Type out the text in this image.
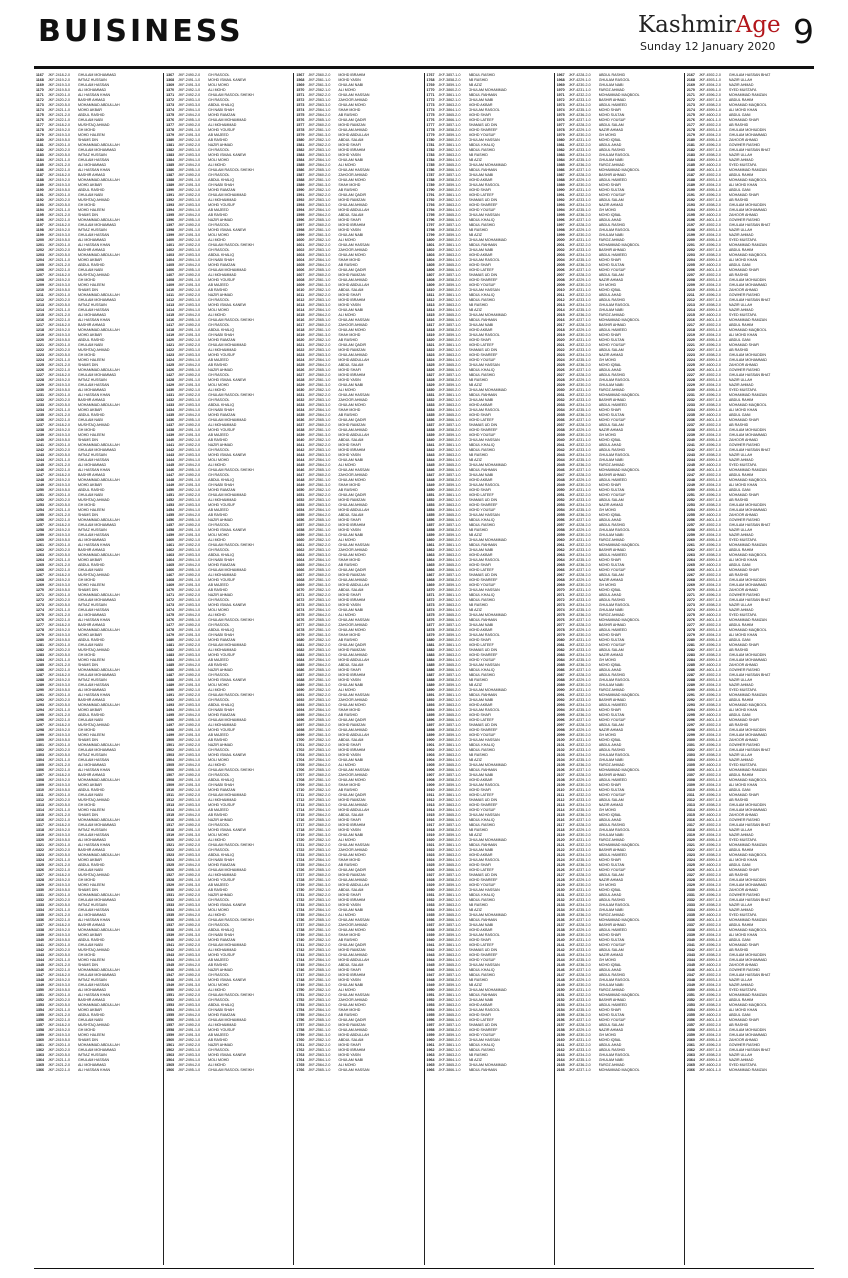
BUISINESS	KashmirAge
Sunday 12 January 2020 9
1167
1168
1169
1170
1171
1172
1173
1174
1175
1176
1177
1178
1179
1180
1181
1182
1183
1184
1185
1186
1187
1188
1189
1190
1191
1192
1193
1194
1195
1196
1197
1198
1199
1200
1201
1202
1203
1204
1205
1206
1207
1208
1209
1210
1211
1212
1213
1214
1215
1216
1217
1218
1219
1220
1221
1222
1223
1224
1225
1226
1227
1228
1229
1230
1231
1232
1233
1234
1235
1236
1237
1238
1239
1240
1241
1242
1243
1244
1245
1246
1247
1248
1249
1250
1251
1252
1253
1254
1255
1256
1257
1258
1259
1260
1261
1262
1263
1264
1265
1266
1267
1268
1269
1270
1271
1272
1273
1274
1275
1276
1277
1278
1279
1280
1281
1282
1283
1284
1285
1286
1287
1288
1289
1290
1291
1292
1293
1294
1295
1296
1297
1298
1299
1300
1301
1302
1303
1304
1305
1306
1307
1308
1309
1310
1311
1312
1313
1314
1315
1316
1317
1318
1319
1320
1321
1322
1323
1324
1325
1326
1327
1328
1329
1330
1331
1332
1333
1334
1335
1336
1337
1338
1339
1340
1341
1342
1343
1344
1345
1346
1347
1348
1349
1350
1351
1352
1353
1354
1355
1356
1357
1358
1359
1360
1361
1362
1363
1364
1365
1366
JKF-2418-2-0
JKF-2419-2-0
JKF-2419-3-0
JKF-2419-5-0
JKF-2420-1-0
JKF-2420-2-0
JKF-2420-5-0
JKF-2421-1-0
JKF-2421-2-0
JKF-2422-1-0
JKF-2418-2-0
JKF-2419-2-0
JKF-2419-3-0
JKF-2419-5-0
JKF-2420-1-0
JKF-2420-2-0
JKF-2420-5-0
JKF-2421-1-0
JKF-2421-2-0
JKF-2422-1-0
JKF-2418-2-0
JKF-2419-2-0
JKF-2419-3-0
JKF-2419-5-0
JKF-2420-1-0
JKF-2420-2-0
JKF-2420-5-0
JKF-2421-1-0
JKF-2421-2-0
JKF-2422-1-0
JKF-2418-2-0
JKF-2419-2-0
JKF-2419-3-0
JKF-2419-5-0
JKF-2420-1-0
JKF-2420-2-0
JKF-2420-5-0
JKF-2421-1-0
JKF-2421-2-0
JKF-2422-1-0
JKF-2418-2-0
JKF-2419-2-0
JKF-2419-3-0
JKF-2419-5-0
JKF-2420-1-0
JKF-2420-2-0
JKF-2420-5-0
JKF-2421-1-0
JKF-2421-2-0
JKF-2422-1-0
JKF-2418-2-0
JKF-2419-2-0
JKF-2419-3-0
JKF-2419-5-0
JKF-2420-1-0
JKF-2420-2-0
JKF-2420-5-0
JKF-2421-1-0
JKF-2421-2-0
JKF-2422-1-0
JKF-2418-2-0
JKF-2419-2-0
JKF-2419-3-0
JKF-2419-5-0
JKF-2420-1-0
JKF-2420-2-0
JKF-2420-5-0
JKF-2421-1-0
JKF-2421-2-0
JKF-2422-1-0
JKF-2418-2-0
JKF-2419-2-0
JKF-2419-3-0
JKF-2419-5-0
JKF-2420-1-0
JKF-2420-2-0
JKF-2420-5-0
JKF-2421-1-0
JKF-2421-2-0
JKF-2422-1-0
JKF-2418-2-0
JKF-2419-2-0
JKF-2419-3-0
JKF-2419-5-0
JKF-2420-1-0
JKF-2420-2-0
JKF-2420-5-0
JKF-2421-1-0
JKF-2421-2-0
JKF-2422-1-0
JKF-2418-2-0
JKF-2419-2-0
JKF-2419-3-0
JKF-2419-5-0
JKF-2420-1-0
JKF-2420-2-0
JKF-2420-5-0
JKF-2421-1-0
JKF-2421-2-0
JKF-2422-1-0
JKF-2418-2-0
JKF-2419-2-0
JKF-2419-3-0
JKF-2419-5-0
JKF-2420-1-0
JKF-2420-2-0
JKF-2420-5-0
JKF-2421-1-0
JKF-2421-2-0
JKF-2422-1-0
JKF-2418-2-0
JKF-2419-2-0
JKF-2419-3-0
JKF-2419-5-0
JKF-2420-1-0
JKF-2420-2-0
JKF-2420-5-0
JKF-2421-1-0
JKF-2421-2-0
JKF-2422-1-0
JKF-2418-2-0
JKF-2419-2-0
JKF-2419-3-0
JKF-2419-5-0
JKF-2420-1-0
JKF-2420-2-0
JKF-2420-5-0
JKF-2421-1-0
JKF-2421-2-0
JKF-2422-1-0
JKF-2418-2-0
JKF-2419-2-0
JKF-2419-3-0
JKF-2419-5-0
JKF-2420-1-0
JKF-2420-2-0
JKF-2420-5-0
JKF-2421-1-0
JKF-2421-2-0
JKF-2422-1-0
JKF-2418-2-0
JKF-2419-2-0
JKF-2419-3-0
JKF-2419-5-0
JKF-2420-1-0
JKF-2420-2-0
JKF-2420-5-0
JKF-2421-1-0
JKF-2421-2-0
JKF-2422-1-0
JKF-2418-2-0
JKF-2419-2-0
JKF-2419-3-0
JKF-2419-5-0
JKF-2420-1-0
JKF-2420-2-0
JKF-2420-5-0
JKF-2421-1-0
JKF-2421-2-0
JKF-2422-1-0
JKF-2418-2-0
JKF-2419-2-0
JKF-2419-3-0
JKF-2419-5-0
JKF-2420-1-0
JKF-2420-2-0
JKF-2420-5-0
JKF-2421-1-0
JKF-2421-2-0
JKF-2422-1-0
JKF-2418-2-0
JKF-2419-2-0
JKF-2419-3-0
JKF-2419-5-0
JKF-2420-1-0
JKF-2420-2-0
JKF-2420-5-0
JKF-2421-1-0
JKF-2421-2-0
JKF-2422-1-0
JKF-2418-2-0
JKF-2419-2-0
JKF-2419-3-0
JKF-2419-5-0
JKF-2420-1-0
JKF-2420-2-0
JKF-2420-5-0
JKF-2421-1-0
JKF-2421-2-0
JKF-2422-1-0
JKF-2418-2-0
JKF-2419-2-0
JKF-2419-3-0
JKF-2419-5-0
JKF-2420-1-0
JKF-2420-2-0
JKF-2420-5-0
JKF-2421-1-0
JKF-2421-2-0
JKF-2422-1-0
GHULAM MOHAMMAD
IMTIAZ HUSSAIN
GHULAM HASSAN
ALI MOHAMMAD
ALI HASSAN KHAN
BASHIR AHMAD
MOHAMMAD ABDULLAH
MOHD AKBAR
ABDUL RASHID
GHULAM NABI
MUSHTAQ AHMAD
GH MOHD
MOHD HALEEM
SHAMS DIN
MOHAMMAD ABDULLAH
GHULAM MOHAMMAD
IMTIAZ HUSSAIN
GHULAM HASSAN
ALI MOHAMMAD
ALI HASSAN KHAN
BASHIR AHMAD
MOHAMMAD ABDULLAH
MOHD AKBAR
ABDUL RASHID
GHULAM NABI
MUSHTAQ AHMAD
GH MOHD
MOHD HALEEM
SHAMS DIN
MOHAMMAD ABDULLAH
GHULAM MOHAMMAD
IMTIAZ HUSSAIN
GHULAM HASSAN
ALI MOHAMMAD
ALI HASSAN KHAN
BASHIR AHMAD
MOHAMMAD ABDULLAH
MOHD AKBAR
ABDUL RASHID
GHULAM NABI
MUSHTAQ AHMAD
GH MOHD
MOHD HALEEM
SHAMS DIN
MOHAMMAD ABDULLAH
GHULAM MOHAMMAD
IMTIAZ HUSSAIN
GHULAM HASSAN
ALI MOHAMMAD
ALI HASSAN KHAN
BASHIR AHMAD
MOHAMMAD ABDULLAH
MOHD AKBAR
ABDUL RASHID
GHULAM NABI
MUSHTAQ AHMAD
GH MOHD
MOHD HALEEM
SHAMS DIN
MOHAMMAD ABDULLAH
GHULAM MOHAMMAD
IMTIAZ HUSSAIN
GHULAM HASSAN
ALI MOHAMMAD
ALI HASSAN KHAN
BASHIR AHMAD
MOHAMMAD ABDULLAH
MOHD AKBAR
ABDUL RASHID
GHULAM NABI
MUSHTAQ AHMAD
GH MOHD
MOHD HALEEM
SHAMS DIN
MOHAMMAD ABDULLAH
GHULAM MOHAMMAD
IMTIAZ HUSSAIN
GHULAM HASSAN
ALI MOHAMMAD
ALI HASSAN KHAN
BASHIR AHMAD
MOHAMMAD ABDULLAH
MOHD AKBAR
ABDUL RASHID
GHULAM NABI
MUSHTAQ AHMAD
GH MOHD
MOHD HALEEM
SHAMS DIN
MOHAMMAD ABDULLAH
GHULAM MOHAMMAD
IMTIAZ HUSSAIN
GHULAM HASSAN
ALI MOHAMMAD
ALI HASSAN KHAN
BASHIR AHMAD
MOHAMMAD ABDULLAH
MOHD AKBAR
ABDUL RASHID
GHULAM NABI
MUSHTAQ AHMAD
GH MOHD
MOHD HALEEM
SHAMS DIN
MOHAMMAD ABDULLAH
GHULAM MOHAMMAD
IMTIAZ HUSSAIN
GHULAM HASSAN
ALI MOHAMMAD
ALI HASSAN KHAN
BASHIR AHMAD
MOHAMMAD ABDULLAH
MOHD AKBAR
ABDUL RASHID
GHULAM NABI
MUSHTAQ AHMAD
GH MOHD
MOHD HALEEM
SHAMS DIN
MOHAMMAD ABDULLAH
GHULAM MOHAMMAD
IMTIAZ HUSSAIN
GHULAM HASSAN
ALI MOHAMMAD
ALI HASSAN KHAN
BASHIR AHMAD
MOHAMMAD ABDULLAH
MOHD AKBAR
ABDUL RASHID
GHULAM NABI
MUSHTAQ AHMAD
GH MOHD
MOHD HALEEM
SHAMS DIN
MOHAMMAD ABDULLAH
GHULAM MOHAMMAD
IMTIAZ HUSSAIN
GHULAM HASSAN
ALI MOHAMMAD
ALI HASSAN KHAN
BASHIR AHMAD
MOHAMMAD ABDULLAH
MOHD AKBAR
ABDUL RASHID
GHULAM NABI
MUSHTAQ AHMAD
GH MOHD
MOHD HALEEM
SHAMS DIN
MOHAMMAD ABDULLAH
GHULAM MOHAMMAD
IMTIAZ HUSSAIN
GHULAM HASSAN
ALI MOHAMMAD
ALI HASSAN KHAN
BASHIR AHMAD
MOHAMMAD ABDULLAH
MOHD AKBAR
ABDUL RASHID
GHULAM NABI
MUSHTAQ AHMAD
GH MOHD
MOHD HALEEM
SHAMS DIN
MOHAMMAD ABDULLAH
GHULAM MOHAMMAD
IMTIAZ HUSSAIN
GHULAM HASSAN
ALI MOHAMMAD
ALI HASSAN KHAN
BASHIR AHMAD
MOHAMMAD ABDULLAH
MOHD AKBAR
ABDUL RASHID
GHULAM NABI
MUSHTAQ AHMAD
GH MOHD
MOHD HALEEM
SHAMS DIN
MOHAMMAD ABDULLAH
GHULAM MOHAMMAD
IMTIAZ HUSSAIN
GHULAM HASSAN
ALI MOHAMMAD
ALI HASSAN KHAN
BASHIR AHMAD
MOHAMMAD ABDULLAH
MOHD AKBAR
ABDUL RASHID
GHULAM NABI
MUSHTAQ AHMAD
GH MOHD
MOHD HALEEM
SHAMS DIN
MOHAMMAD ABDULLAH
GHULAM MOHAMMAD
IMTIAZ HUSSAIN
GHULAM HASSAN
ALI MOHAMMAD
ALI HASSAN KHAN
1367
1368
1369
1370
1371
1372
1373
1374
1375
1376
1377
1378
1379
1380
1381
1382
1383
1384
1385
1386
1387
1388
1389
1390
1391
1392
1393
1394
1395
1396
1397
1398
1399
1400
1401
1402
1403
1404
1405
1406
1407
1408
1409
1410
1411
1412
1413
1414
1415
1416
1417
1418
1419
1420
1421
1422
1423
1424
1425
1426
1427
1428
1429
1430
1431
1432
1433
1434
1435
1436
1437
1438
1439
1440
1441
1442
1443
1444
1445
1446
1447
1448
1449
1450
1451
1452
1453
1454
1455
1456
1457
1458
1459
1460
1461
1462
1463
1464
1465
1466
1467
1468
1469
1470
1471
1472
1473
1474
1475
1476
1477
1478
1479
1480
1481
1482
1483
1484
1485
1486
1487
1488
1489
1490
1491
1492
1493
1494
1495
1496
1497
1498
1499
1500
1501
1502
1503
1504
1505
1506
1507
1508
1509
1510
1511
1512
1513
1514
1515
1516
1517
1518
1519
1520
1521
1522
1523
1524
1525
1526
1527
1528
1529
1530
1531
1532
1533
1534
1535
1536
1537
1538
1539
1540
1541
1542
1543
1544
1545
1546
1547
1548
1549
1550
1551
1552
1553
1554
1555
1556
1557
1558
1559
1560
1561
1562
1563
1564
1565
1566
JKF-2490-2-0
JKF-2491-1-0
JKF-2491-3-0
JKF-2492-1-0
JKF-2492-2-0
JKF-2493-1-0
JKF-2493-3-0
JKF-2494-1-0
JKF-2494-2-0
JKF-2495-1-0
JKF-2490-2-0
JKF-2491-1-0
JKF-2491-3-0
JKF-2492-1-0
JKF-2492-2-0
JKF-2493-1-0
JKF-2493-3-0
JKF-2494-1-0
JKF-2494-2-0
JKF-2495-1-0
JKF-2490-2-0
JKF-2491-1-0
JKF-2491-3-0
JKF-2492-1-0
JKF-2492-2-0
JKF-2493-1-0
JKF-2493-3-0
JKF-2494-1-0
JKF-2494-2-0
JKF-2495-1-0
JKF-2490-2-0
JKF-2491-1-0
JKF-2491-3-0
JKF-2492-1-0
JKF-2492-2-0
JKF-2493-1-0
JKF-2493-3-0
JKF-2494-1-0
JKF-2494-2-0
JKF-2495-1-0
JKF-2490-2-0
JKF-2491-1-0
JKF-2491-3-0
JKF-2492-1-0
JKF-2492-2-0
JKF-2493-1-0
JKF-2493-3-0
JKF-2494-1-0
JKF-2494-2-0
JKF-2495-1-0
JKF-2490-2-0
JKF-2491-1-0
JKF-2491-3-0
JKF-2492-1-0
JKF-2492-2-0
JKF-2493-1-0
JKF-2493-3-0
JKF-2494-1-0
JKF-2494-2-0
JKF-2495-1-0
JKF-2490-2-0
JKF-2491-1-0
JKF-2491-3-0
JKF-2492-1-0
JKF-2492-2-0
JKF-2493-1-0
JKF-2493-3-0
JKF-2494-1-0
JKF-2494-2-0
JKF-2495-1-0
JKF-2490-2-0
JKF-2491-1-0
JKF-2491-3-0
JKF-2492-1-0
JKF-2492-2-0
JKF-2493-1-0
JKF-2493-3-0
JKF-2494-1-0
JKF-2494-2-0
JKF-2495-1-0
JKF-2490-2-0
JKF-2491-1-0
JKF-2491-3-0
JKF-2492-1-0
JKF-2492-2-0
JKF-2493-1-0
JKF-2493-3-0
JKF-2494-1-0
JKF-2494-2-0
JKF-2495-1-0
JKF-2490-2-0
JKF-2491-1-0
JKF-2491-3-0
JKF-2492-1-0
JKF-2492-2-0
JKF-2493-1-0
JKF-2493-3-0
JKF-2494-1-0
JKF-2494-2-0
JKF-2495-1-0
JKF-2490-2-0
JKF-2491-1-0
JKF-2491-3-0
JKF-2492-1-0
JKF-2492-2-0
JKF-2493-1-0
JKF-2493-3-0
JKF-2494-1-0
JKF-2494-2-0
JKF-2495-1-0
JKF-2490-2-0
JKF-2491-1-0
JKF-2491-3-0
JKF-2492-1-0
JKF-2492-2-0
JKF-2493-1-0
JKF-2493-3-0
JKF-2494-1-0
JKF-2494-2-0
JKF-2495-1-0
JKF-2490-2-0
JKF-2491-1-0
JKF-2491-3-0
JKF-2492-1-0
JKF-2492-2-0
JKF-2493-1-0
JKF-2493-3-0
JKF-2494-1-0
JKF-2494-2-0
JKF-2495-1-0
JKF-2490-2-0
JKF-2491-1-0
JKF-2491-3-0
JKF-2492-1-0
JKF-2492-2-0
JKF-2493-1-0
JKF-2493-3-0
JKF-2494-1-0
JKF-2494-2-0
JKF-2495-1-0
JKF-2490-2-0
JKF-2491-1-0
JKF-2491-3-0
JKF-2492-1-0
JKF-2492-2-0
JKF-2493-1-0
JKF-2493-3-0
JKF-2494-1-0
JKF-2494-2-0
JKF-2495-1-0
JKF-2490-2-0
JKF-2491-1-0
JKF-2491-3-0
JKF-2492-1-0
JKF-2492-2-0
JKF-2493-1-0
JKF-2493-3-0
JKF-2494-1-0
JKF-2494-2-0
JKF-2495-1-0
JKF-2490-2-0
JKF-2491-1-0
JKF-2491-3-0
JKF-2492-1-0
JKF-2492-2-0
JKF-2493-1-0
JKF-2493-3-0
JKF-2494-1-0
JKF-2494-2-0
JKF-2495-1-0
JKF-2490-2-0
JKF-2491-1-0
JKF-2491-3-0
JKF-2492-1-0
JKF-2492-2-0
JKF-2493-1-0
JKF-2493-3-0
JKF-2494-1-0
JKF-2494-2-0
JKF-2495-1-0
JKF-2490-2-0
JKF-2491-1-0
JKF-2491-3-0
JKF-2492-1-0
JKF-2492-2-0
JKF-2493-1-0
JKF-2493-3-0
JKF-2494-1-0
JKF-2494-2-0
JKF-2495-1-0
JKF-2490-2-0
JKF-2491-1-0
JKF-2491-3-0
JKF-2492-1-0
JKF-2492-2-0
JKF-2493-1-0
JKF-2493-3-0
JKF-2494-1-0
JKF-2494-2-0
JKF-2495-1-0
GH RASOOL
MOHD ISMAIL KANEW
MOLI MOHD
ALI MOHD
GHULAM RASOOL SHEIKH
GH RASOOL
ABDUL KHALIQ
GH NABI SHAH
MOHD RAMZAN
GHULAM MOHAMMAD
ALI MOHAMMAD
MOHD YOUSUF
AB MAJEED
AB RASHID
NAZIR AHMAD
GH RASOOL
MOHD ISMAIL KANEW
MOLI MOHD
ALI MOHD
GHULAM RASOOL SHEIKH
GH RASOOL
ABDUL KHALIQ
GH NABI SHAH
MOHD RAMZAN
GHULAM MOHAMMAD
ALI MOHAMMAD
MOHD YOUSUF
AB MAJEED
AB RASHID
NAZIR AHMAD
GH RASOOL
MOHD ISMAIL KANEW
MOLI MOHD
ALI MOHD
GHULAM RASOOL SHEIKH
GH RASOOL
ABDUL KHALIQ
GH NABI SHAH
MOHD RAMZAN
GHULAM MOHAMMAD
ALI MOHAMMAD
MOHD YOUSUF
AB MAJEED
AB RASHID
NAZIR AHMAD
GH RASOOL
MOHD ISMAIL KANEW
MOLI MOHD
ALI MOHD
GHULAM RASOOL SHEIKH
GH RASOOL
ABDUL KHALIQ
GH NABI SHAH
MOHD RAMZAN
GHULAM MOHAMMAD
ALI MOHAMMAD
MOHD YOUSUF
AB MAJEED
AB RASHID
NAZIR AHMAD
GH RASOOL
MOHD ISMAIL KANEW
MOLI MOHD
ALI MOHD
GHULAM RASOOL SHEIKH
GH RASOOL
ABDUL KHALIQ
GH NABI SHAH
MOHD RAMZAN
GHULAM MOHAMMAD
ALI MOHAMMAD
MOHD YOUSUF
AB MAJEED
AB RASHID
NAZIR AHMAD
GH RASOOL
MOHD ISMAIL KANEW
MOLI MOHD
ALI MOHD
GHULAM RASOOL SHEIKH
GH RASOOL
ABDUL KHALIQ
GH NABI SHAH
MOHD RAMZAN
GHULAM MOHAMMAD
ALI MOHAMMAD
MOHD YOUSUF
AB MAJEED
AB RASHID
NAZIR AHMAD
GH RASOOL
MOHD ISMAIL KANEW
MOLI MOHD
ALI MOHD
GHULAM RASOOL SHEIKH
GH RASOOL
ABDUL KHALIQ
GH NABI SHAH
MOHD RAMZAN
GHULAM MOHAMMAD
ALI MOHAMMAD
MOHD YOUSUF
AB MAJEED
AB RASHID
NAZIR AHMAD
GH RASOOL
MOHD ISMAIL KANEW
MOLI MOHD
ALI MOHD
GHULAM RASOOL SHEIKH
GH RASOOL
ABDUL KHALIQ
GH NABI SHAH
MOHD RAMZAN
GHULAM MOHAMMAD
ALI MOHAMMAD
MOHD YOUSUF
AB MAJEED
AB RASHID
NAZIR AHMAD
GH RASOOL
MOHD ISMAIL KANEW
MOLI MOHD
ALI MOHD
GHULAM RASOOL SHEIKH
GH RASOOL
ABDUL KHALIQ
GH NABI SHAH
MOHD RAMZAN
GHULAM MOHAMMAD
ALI MOHAMMAD
MOHD YOUSUF
AB MAJEED
AB RASHID
NAZIR AHMAD
GH RASOOL
MOHD ISMAIL KANEW
MOLI MOHD
ALI MOHD
GHULAM RASOOL SHEIKH
GH RASOOL
ABDUL KHALIQ
GH NABI SHAH
MOHD RAMZAN
GHULAM MOHAMMAD
ALI MOHAMMAD
MOHD YOUSUF
AB MAJEED
AB RASHID
NAZIR AHMAD
GH RASOOL
MOHD ISMAIL KANEW
MOLI MOHD
ALI MOHD
GHULAM RASOOL SHEIKH
GH RASOOL
ABDUL KHALIQ
GH NABI SHAH
MOHD RAMZAN
GHULAM MOHAMMAD
ALI MOHAMMAD
MOHD YOUSUF
AB MAJEED
AB RASHID
NAZIR AHMAD
GH RASOOL
MOHD ISMAIL KANEW
MOLI MOHD
ALI MOHD
GHULAM RASOOL SHEIKH
GH RASOOL
ABDUL KHALIQ
GH NABI SHAH
MOHD RAMZAN
GHULAM MOHAMMAD
ALI MOHAMMAD
MOHD YOUSUF
AB MAJEED
AB RASHID
NAZIR AHMAD
GH RASOOL
MOHD ISMAIL KANEW
MOLI MOHD
ALI MOHD
GHULAM RASOOL SHEIKH
GH RASOOL
ABDUL KHALIQ
GH NABI SHAH
MOHD RAMZAN
GHULAM MOHAMMAD
ALI MOHAMMAD
MOHD YOUSUF
AB MAJEED
AB RASHID
NAZIR AHMAD
GH RASOOL
MOHD ISMAIL KANEW
MOLI MOHD
ALI MOHD
GHULAM RASOOL SHEIKH
1567
1568
1569
1570
1571
1572
1573
1574
1575
1576
1577
1578
1579
1580
1581
1582
1583
1584
1585
1586
1587
1588
1589
1590
1591
1592
1593
1594
1595
1596
1597
1598
1599
1600
1601
1602
1603
1604
1605
1606
1607
1608
1609
1610
1611
1612
1613
1614
1615
1616
1617
1618
1619
1620
1621
1622
1623
1624
1625
1626
1627
1628
1629
1630
1631
1632
1633
1634
1635
1636
1637
1638
1639
1640
1641
1642
1643
1644
1645
1646
1647
1648
1649
1650
1651
1652
1653
1654
1655
1656
1657
1658
1659
1660
1661
1662
1663
1664
1665
1666
1667
1668
1669
1670
1671
1672
1673
1674
1675
1676
1677
1678
1679
1680
1681
1682
1683
1684
1685
1686
1687
1688
1689
1690
1691
1692
1693
1694
1695
1696
1697
1698
1699
1700
1701
1702
1703
1704
1705
1706
1707
1708
1709
1710
1711
1712
1713
1714
1715
1716
1717
1718
1719
1720
1721
1722
1723
1724
1725
1726
1727
1728
1729
1730
1731
1732
1733
1734
1735
1736
1737
1738
1739
1740
1741
1742
1743
1744
1745
1746
1747
1748
1749
1750
1751
1752
1753
1754
1755
1756
1757
1758
1759
1760
1761
1762
1763
1764
1765
1766
JKF-2560-2-0
JKF-2561-1-0
JKF-2561-3-0
JKF-2562-1-0
JKF-2562-2-0
JKF-2563-1-0
JKF-2563-3-0
JKF-2564-1-0
JKF-2564-2-0
JKF-2565-1-0
JKF-2560-2-0
JKF-2561-1-0
JKF-2561-3-0
JKF-2562-1-0
JKF-2562-2-0
JKF-2563-1-0
JKF-2563-3-0
JKF-2564-1-0
JKF-2564-2-0
JKF-2565-1-0
JKF-2560-2-0
JKF-2561-1-0
JKF-2561-3-0
JKF-2562-1-0
JKF-2562-2-0
JKF-2563-1-0
JKF-2563-3-0
JKF-2564-1-0
JKF-2564-2-0
JKF-2565-1-0
JKF-2560-2-0
JKF-2561-1-0
JKF-2561-3-0
JKF-2562-1-0
JKF-2562-2-0
JKF-2563-1-0
JKF-2563-3-0
JKF-2564-1-0
JKF-2564-2-0
JKF-2565-1-0
JKF-2560-2-0
JKF-2561-1-0
JKF-2561-3-0
JKF-2562-1-0
JKF-2562-2-0
JKF-2563-1-0
JKF-2563-3-0
JKF-2564-1-0
JKF-2564-2-0
JKF-2565-1-0
JKF-2560-2-0
JKF-2561-1-0
JKF-2561-3-0
JKF-2562-1-0
JKF-2562-2-0
JKF-2563-1-0
JKF-2563-3-0
JKF-2564-1-0
JKF-2564-2-0
JKF-2565-1-0
JKF-2560-2-0
JKF-2561-1-0
JKF-2561-3-0
JKF-2562-1-0
JKF-2562-2-0
JKF-2563-1-0
JKF-2563-3-0
JKF-2564-1-0
JKF-2564-2-0
JKF-2565-1-0
JKF-2560-2-0
JKF-2561-1-0
JKF-2561-3-0
JKF-2562-1-0
JKF-2562-2-0
JKF-2563-1-0
JKF-2563-3-0
JKF-2564-1-0
JKF-2564-2-0
JKF-2565-1-0
JKF-2560-2-0
JKF-2561-1-0
JKF-2561-3-0
JKF-2562-1-0
JKF-2562-2-0
JKF-2563-1-0
JKF-2563-3-0
JKF-2564-1-0
JKF-2564-2-0
JKF-2565-1-0
JKF-2560-2-0
JKF-2561-1-0
JKF-2561-3-0
JKF-2562-1-0
JKF-2562-2-0
JKF-2563-1-0
JKF-2563-3-0
JKF-2564-1-0
JKF-2564-2-0
JKF-2565-1-0
JKF-2560-2-0
JKF-2561-1-0
JKF-2561-3-0
JKF-2562-1-0
JKF-2562-2-0
JKF-2563-1-0
JKF-2563-3-0
JKF-2564-1-0
JKF-2564-2-0
JKF-2565-1-0
JKF-2560-2-0
JKF-2561-1-0
JKF-2561-3-0
JKF-2562-1-0
JKF-2562-2-0
JKF-2563-1-0
JKF-2563-3-0
JKF-2564-1-0
JKF-2564-2-0
JKF-2565-1-0
JKF-2560-2-0
JKF-2561-1-0
JKF-2561-3-0
JKF-2562-1-0
JKF-2562-2-0
JKF-2563-1-0
JKF-2563-3-0
JKF-2564-1-0
JKF-2564-2-0
JKF-2565-1-0
JKF-2560-2-0
JKF-2561-1-0
JKF-2561-3-0
JKF-2562-1-0
JKF-2562-2-0
JKF-2563-1-0
JKF-2563-3-0
JKF-2564-1-0
JKF-2564-2-0
JKF-2565-1-0
JKF-2560-2-0
JKF-2561-1-0
JKF-2561-3-0
JKF-2562-1-0
JKF-2562-2-0
JKF-2563-1-0
JKF-2563-3-0
JKF-2564-1-0
JKF-2564-2-0
JKF-2565-1-0
JKF-2560-2-0
JKF-2561-1-0
JKF-2561-3-0
JKF-2562-1-0
JKF-2562-2-0
JKF-2563-1-0
JKF-2563-3-0
JKF-2564-1-0
JKF-2564-2-0
JKF-2565-1-0
JKF-2560-2-0
JKF-2561-1-0
JKF-2561-3-0
JKF-2562-1-0
JKF-2562-2-0
JKF-2563-1-0
JKF-2563-3-0
JKF-2564-1-0
JKF-2564-2-0
JKF-2565-1-0
JKF-2560-2-0
JKF-2561-1-0
JKF-2561-3-0
JKF-2562-1-0
JKF-2562-2-0
JKF-2563-1-0
JKF-2563-3-0
JKF-2564-1-0
JKF-2564-2-0
JKF-2565-1-0
JKF-2560-2-0
JKF-2561-1-0
JKF-2561-3-0
JKF-2562-1-0
JKF-2562-2-0
JKF-2563-1-0
JKF-2563-3-0
JKF-2564-1-0
JKF-2564-2-0
JKF-2565-1-0
JKF-2560-2-0
JKF-2561-1-0
JKF-2561-3-0
JKF-2562-1-0
JKF-2562-2-0
JKF-2563-1-0
JKF-2563-3-0
JKF-2564-1-0
JKF-2564-2-0
JKF-2565-1-0
MOHD IBRAHIM
MOHD YASIN
GHULAM NABI
ALI MOHD
GHULAM HASSAN
ZAHOOR AHMAD
GHULAM MOHD
SHAH MOHD
AB RASHID
GHULAM QADIR
MOHD RAMZAN
GHULAM AHMAD
MOHD ABDULLAH
ABDUL SALAM
MOHD SHAFI
MOHD IBRAHIM
MOHD YASIN
GHULAM NABI
ALI MOHD
GHULAM HASSAN
ZAHOOR AHMAD
GHULAM MOHD
SHAH MOHD
AB RASHID
GHULAM QADIR
MOHD RAMZAN
GHULAM AHMAD
MOHD ABDULLAH
ABDUL SALAM
MOHD SHAFI
MOHD IBRAHIM
MOHD YASIN
GHULAM NABI
ALI MOHD
GHULAM HASSAN
ZAHOOR AHMAD
GHULAM MOHD
SHAH MOHD
AB RASHID
GHULAM QADIR
MOHD RAMZAN
GHULAM AHMAD
MOHD ABDULLAH
ABDUL SALAM
MOHD SHAFI
MOHD IBRAHIM
MOHD YASIN
GHULAM NABI
ALI MOHD
GHULAM HASSAN
ZAHOOR AHMAD
GHULAM MOHD
SHAH MOHD
AB RASHID
GHULAM QADIR
MOHD RAMZAN
GHULAM AHMAD
MOHD ABDULLAH
ABDUL SALAM
MOHD SHAFI
MOHD IBRAHIM
MOHD YASIN
GHULAM NABI
ALI MOHD
GHULAM HASSAN
ZAHOOR AHMAD
GHULAM MOHD
SHAH MOHD
AB RASHID
GHULAM QADIR
MOHD RAMZAN
GHULAM AHMAD
MOHD ABDULLAH
ABDUL SALAM
MOHD SHAFI
MOHD IBRAHIM
MOHD YASIN
GHULAM NABI
ALI MOHD
GHULAM HASSAN
ZAHOOR AHMAD
GHULAM MOHD
SHAH MOHD
AB RASHID
GHULAM QADIR
MOHD RAMZAN
GHULAM AHMAD
MOHD ABDULLAH
ABDUL SALAM
MOHD SHAFI
MOHD IBRAHIM
MOHD YASIN
GHULAM NABI
ALI MOHD
GHULAM HASSAN
ZAHOOR AHMAD
GHULAM MOHD
SHAH MOHD
AB RASHID
GHULAM QADIR
MOHD RAMZAN
GHULAM AHMAD
MOHD ABDULLAH
ABDUL SALAM
MOHD SHAFI
MOHD IBRAHIM
MOHD YASIN
GHULAM NABI
ALI MOHD
GHULAM HASSAN
ZAHOOR AHMAD
GHULAM MOHD
SHAH MOHD
AB RASHID
GHULAM QADIR
MOHD RAMZAN
GHULAM AHMAD
MOHD ABDULLAH
ABDUL SALAM
MOHD SHAFI
MOHD IBRAHIM
MOHD YASIN
GHULAM NABI
ALI MOHD
GHULAM HASSAN
ZAHOOR AHMAD
GHULAM MOHD
SHAH MOHD
AB RASHID
GHULAM QADIR
MOHD RAMZAN
GHULAM AHMAD
MOHD ABDULLAH
ABDUL SALAM
MOHD SHAFI
MOHD IBRAHIM
MOHD YASIN
GHULAM NABI
ALI MOHD
GHULAM HASSAN
ZAHOOR AHMAD
GHULAM MOHD
SHAH MOHD
AB RASHID
GHULAM QADIR
MOHD RAMZAN
GHULAM AHMAD
MOHD ABDULLAH
ABDUL SALAM
MOHD SHAFI
MOHD IBRAHIM
MOHD YASIN
GHULAM NABI
ALI MOHD
GHULAM HASSAN
ZAHOOR AHMAD
GHULAM MOHD
SHAH MOHD
AB RASHID
GHULAM QADIR
MOHD RAMZAN
GHULAM AHMAD
MOHD ABDULLAH
ABDUL SALAM
MOHD SHAFI
MOHD IBRAHIM
MOHD YASIN
GHULAM NABI
ALI MOHD
GHULAM HASSAN
ZAHOOR AHMAD
GHULAM MOHD
SHAH MOHD
AB RASHID
GHULAM QADIR
MOHD RAMZAN
GHULAM AHMAD
MOHD ABDULLAH
ABDUL SALAM
MOHD SHAFI
MOHD IBRAHIM
MOHD YASIN
GHULAM NABI
ALI MOHD
GHULAM HASSAN
ZAHOOR AHMAD
GHULAM MOHD
SHAH MOHD
AB RASHID
GHULAM QADIR
MOHD RAMZAN
GHULAM AHMAD
MOHD ABDULLAH
ABDUL SALAM
MOHD SHAFI
MOHD IBRAHIM
MOHD YASIN
GHULAM NABI
ALI MOHD
GHULAM HASSAN
1767
1768
1769
1770
1771
1772
1773
1774
1775
1776
1777
1778
1779
1780
1781
1782
1783
1784
1785
1786
1787
1788
1789
1790
1791
1792
1793
1794
1795
1796
1797
1798
1799
1800
1801
1802
1803
1804
1805
1806
1807
1808
1809
1810
1811
1812
1813
1814
1815
1816
1817
1818
1819
1820
1821
1822
1823
1824
1825
1826
1827
1828
1829
1830
1831
1832
1833
1834
1835
1836
1837
1838
1839
1840
1841
1842
1843
1844
1845
1846
1847
1848
1849
1850
1851
1852
1853
1854
1855
1856
1857
1858
1859
1860
1861
1862
1863
1864
1865
1866
1867
1868
1869
1870
1871
1872
1873
1874
1875
1876
1877
1878
1879
1880
1881
1882
1883
1884
1885
1886
1887
1888
1889
1890
1891
1892
1893
1894
1895
1896
1897
1898
1899
1900
1901
1902
1903
1904
1905
1906
1907
1908
1909
1910
1911
1912
1913
1914
1915
1916
1917
1918
1919
1920
1921
1922
1923
1924
1925
1926
1927
1928
1929
1930
1931
1932
1933
1934
1935
1936
1937
1938
1939
1940
1941
1942
1943
1944
1945
1946
1947
1948
1949
1950
1951
1952
1953
1954
1955
1956
1957
1958
1959
1960
1961
1962
1963
1964
1965
1966
JKF-3857-1-0
JKF-3858-2-0
JKF-3859-1-0
JKF-3860-2-0
JKF-3861-1-0
JKF-3862-1-0
JKF-3863-2-0
JKF-3864-1-0
JKF-3865-2-0
JKF-3866-1-0
JKF-3857-1-0
JKF-3858-2-0
JKF-3859-1-0
JKF-3860-2-0
JKF-3861-1-0
JKF-3862-1-0
JKF-3863-2-0
JKF-3864-1-0
JKF-3865-2-0
JKF-3866-1-0
JKF-3857-1-0
JKF-3858-2-0
JKF-3859-1-0
JKF-3860-2-0
JKF-3861-1-0
JKF-3862-1-0
JKF-3863-2-0
JKF-3864-1-0
JKF-3865-2-0
JKF-3866-1-0
JKF-3857-1-0
JKF-3858-2-0
JKF-3859-1-0
JKF-3860-2-0
JKF-3861-1-0
JKF-3862-1-0
JKF-3863-2-0
JKF-3864-1-0
JKF-3865-2-0
JKF-3866-1-0
JKF-3857-1-0
JKF-3858-2-0
JKF-3859-1-0
JKF-3860-2-0
JKF-3861-1-0
JKF-3862-1-0
JKF-3863-2-0
JKF-3864-1-0
JKF-3865-2-0
JKF-3866-1-0
JKF-3857-1-0
JKF-3858-2-0
JKF-3859-1-0
JKF-3860-2-0
JKF-3861-1-0
JKF-3862-1-0
JKF-3863-2-0
JKF-3864-1-0
JKF-3865-2-0
JKF-3866-1-0
JKF-3857-1-0
JKF-3858-2-0
JKF-3859-1-0
JKF-3860-2-0
JKF-3861-1-0
JKF-3862-1-0
JKF-3863-2-0
JKF-3864-1-0
JKF-3865-2-0
JKF-3866-1-0
JKF-3857-1-0
JKF-3858-2-0
JKF-3859-1-0
JKF-3860-2-0
JKF-3861-1-0
JKF-3862-1-0
JKF-3863-2-0
JKF-3864-1-0
JKF-3865-2-0
JKF-3866-1-0
JKF-3857-1-0
JKF-3858-2-0
JKF-3859-1-0
JKF-3860-2-0
JKF-3861-1-0
JKF-3862-1-0
JKF-3863-2-0
JKF-3864-1-0
JKF-3865-2-0
JKF-3866-1-0
JKF-3857-1-0
JKF-3858-2-0
JKF-3859-1-0
JKF-3860-2-0
JKF-3861-1-0
JKF-3862-1-0
JKF-3863-2-0
JKF-3864-1-0
JKF-3865-2-0
JKF-3866-1-0
JKF-3857-1-0
JKF-3858-2-0
JKF-3859-1-0
JKF-3860-2-0
JKF-3861-1-0
JKF-3862-1-0
JKF-3863-2-0
JKF-3864-1-0
JKF-3865-2-0
JKF-3866-1-0
JKF-3857-1-0
JKF-3858-2-0
JKF-3859-1-0
JKF-3860-2-0
JKF-3861-1-0
JKF-3862-1-0
JKF-3863-2-0
JKF-3864-1-0
JKF-3865-2-0
JKF-3866-1-0
JKF-3857-1-0
JKF-3858-2-0
JKF-3859-1-0
JKF-3860-2-0
JKF-3861-1-0
JKF-3862-1-0
JKF-3863-2-0
JKF-3864-1-0
JKF-3865-2-0
JKF-3866-1-0
JKF-3857-1-0
JKF-3858-2-0
JKF-3859-1-0
JKF-3860-2-0
JKF-3861-1-0
JKF-3862-1-0
JKF-3863-2-0
JKF-3864-1-0
JKF-3865-2-0
JKF-3866-1-0
JKF-3857-1-0
JKF-3858-2-0
JKF-3859-1-0
JKF-3860-2-0
JKF-3861-1-0
JKF-3862-1-0
JKF-3863-2-0
JKF-3864-1-0
JKF-3865-2-0
JKF-3866-1-0
JKF-3857-1-0
JKF-3858-2-0
JKF-3859-1-0
JKF-3860-2-0
JKF-3861-1-0
JKF-3862-1-0
JKF-3863-2-0
JKF-3864-1-0
JKF-3865-2-0
JKF-3866-1-0
JKF-3857-1-0
JKF-3858-2-0
JKF-3859-1-0
JKF-3860-2-0
JKF-3861-1-0
JKF-3862-1-0
JKF-3863-2-0
JKF-3864-1-0
JKF-3865-2-0
JKF-3866-1-0
JKF-3857-1-0
JKF-3858-2-0
JKF-3859-1-0
JKF-3860-2-0
JKF-3861-1-0
JKF-3862-1-0
JKF-3863-2-0
JKF-3864-1-0
JKF-3865-2-0
JKF-3866-1-0
JKF-3857-1-0
JKF-3858-2-0
JKF-3859-1-0
JKF-3860-2-0
JKF-3861-1-0
JKF-3862-1-0
JKF-3863-2-0
JKF-3864-1-0
JKF-3865-2-0
JKF-3866-1-0
JKF-3857-1-0
JKF-3858-2-0
JKF-3859-1-0
JKF-3860-2-0
JKF-3861-1-0
JKF-3862-1-0
JKF-3863-2-0
JKF-3864-1-0
JKF-3865-2-0
JKF-3866-1-0
ABDUL RASHID
AB RASHID
AB AZIZ
GHULAM MOHAMMAD
ABDUL RAHMAN
GHULAM NABI
MOHD AKBAR
GHULAM RASOOL
MOHD SHAFI
MOHD LATEEF
SHAMAS UD DIN
MOHD SHAREEF
MOHD YOUSUF
GHULAM HASSAN
ABDUL KHALIQ
ABDUL RASHID
AB RASHID
AB AZIZ
GHULAM MOHAMMAD
ABDUL RAHMAN
GHULAM NABI
MOHD AKBAR
GHULAM RASOOL
MOHD SHAFI
MOHD LATEEF
SHAMAS UD DIN
MOHD SHAREEF
MOHD YOUSUF
GHULAM HASSAN
ABDUL KHALIQ
ABDUL RASHID
AB RASHID
AB AZIZ
GHULAM MOHAMMAD
ABDUL RAHMAN
GHULAM NABI
MOHD AKBAR
GHULAM RASOOL
MOHD SHAFI
MOHD LATEEF
SHAMAS UD DIN
MOHD SHAREEF
MOHD YOUSUF
GHULAM HASSAN
ABDUL KHALIQ
ABDUL RASHID
AB RASHID
AB AZIZ
GHULAM MOHAMMAD
ABDUL RAHMAN
GHULAM NABI
MOHD AKBAR
GHULAM RASOOL
MOHD SHAFI
MOHD LATEEF
SHAMAS UD DIN
MOHD SHAREEF
MOHD YOUSUF
GHULAM HASSAN
ABDUL KHALIQ
ABDUL RASHID
AB RASHID
AB AZIZ
GHULAM MOHAMMAD
ABDUL RAHMAN
GHULAM NABI
MOHD AKBAR
GHULAM RASOOL
MOHD SHAFI
MOHD LATEEF
SHAMAS UD DIN
MOHD SHAREEF
MOHD YOUSUF
GHULAM HASSAN
ABDUL KHALIQ
ABDUL RASHID
AB RASHID
AB AZIZ
GHULAM MOHAMMAD
ABDUL RAHMAN
GHULAM NABI
MOHD AKBAR
GHULAM RASOOL
MOHD SHAFI
MOHD LATEEF
SHAMAS UD DIN
MOHD SHAREEF
MOHD YOUSUF
GHULAM HASSAN
ABDUL KHALIQ
ABDUL RASHID
AB RASHID
AB AZIZ
GHULAM MOHAMMAD
ABDUL RAHMAN
GHULAM NABI
MOHD AKBAR
GHULAM RASOOL
MOHD SHAFI
MOHD LATEEF
SHAMAS UD DIN
MOHD SHAREEF
MOHD YOUSUF
GHULAM HASSAN
ABDUL KHALIQ
ABDUL RASHID
AB RASHID
AB AZIZ
GHULAM MOHAMMAD
ABDUL RAHMAN
GHULAM NABI
MOHD AKBAR
GHULAM RASOOL
MOHD SHAFI
MOHD LATEEF
SHAMAS UD DIN
MOHD SHAREEF
MOHD YOUSUF
GHULAM HASSAN
ABDUL KHALIQ
ABDUL RASHID
AB RASHID
AB AZIZ
GHULAM MOHAMMAD
ABDUL RAHMAN
GHULAM NABI
MOHD AKBAR
GHULAM RASOOL
MOHD SHAFI
MOHD LATEEF
SHAMAS UD DIN
MOHD SHAREEF
MOHD YOUSUF
GHULAM HASSAN
ABDUL KHALIQ
ABDUL RASHID
AB RASHID
AB AZIZ
GHULAM MOHAMMAD
ABDUL RAHMAN
GHULAM NABI
MOHD AKBAR
GHULAM RASOOL
MOHD SHAFI
MOHD LATEEF
SHAMAS UD DIN
MOHD SHAREEF
MOHD YOUSUF
GHULAM HASSAN
ABDUL KHALIQ
ABDUL RASHID
AB RASHID
AB AZIZ
GHULAM MOHAMMAD
ABDUL RAHMAN
GHULAM NABI
MOHD AKBAR
GHULAM RASOOL
MOHD SHAFI
MOHD LATEEF
SHAMAS UD DIN
MOHD SHAREEF
MOHD YOUSUF
GHULAM HASSAN
ABDUL KHALIQ
ABDUL RASHID
AB RASHID
AB AZIZ
GHULAM MOHAMMAD
ABDUL RAHMAN
GHULAM NABI
MOHD AKBAR
GHULAM RASOOL
MOHD SHAFI
MOHD LATEEF
SHAMAS UD DIN
MOHD SHAREEF
MOHD YOUSUF
GHULAM HASSAN
ABDUL KHALIQ
ABDUL RASHID
AB RASHID
AB AZIZ
GHULAM MOHAMMAD
ABDUL RAHMAN
GHULAM NABI
MOHD AKBAR
GHULAM RASOOL
MOHD SHAFI
MOHD LATEEF
SHAMAS UD DIN
MOHD SHAREEF
MOHD YOUSUF
GHULAM HASSAN
ABDUL KHALIQ
ABDUL RASHID
AB RASHID
AB AZIZ
GHULAM MOHAMMAD
ABDUL RAHMAN
1967
1968
1969
1970
1971
1972
1973
1974
1975
1976
1977
1978
1979
1980
1981
1982
1983
1984
1985
1986
1987
1988
1989
1990
1991
1992
1993
1994
1995
1996
1997
1998
1999
2000
2001
2002
2003
2004
2005
2006
2007
2008
2009
2010
2011
2012
2013
2014
2015
2016
2017
2018
2019
2020
2021
2022
2023
2024
2025
2026
2027
2028
2029
2030
2031
2032
2033
2034
2035
2036
2037
2038
2039
2040
2041
2042
2043
2044
2045
2046
2047
2048
2049
2050
2051
2052
2053
2054
2055
2056
2057
2058
2059
2060
2061
2062
2063
2064
2065
2066
2067
2068
2069
2070
2071
2072
2073
2074
2075
2076
2077
2078
2079
2080
2081
2082
2083
2084
2085
2086
2087
2088
2089
2090
2091
2092
2093
2094
2095
2096
2097
2098
2099
2100
2101
2102
2103
2104
2105
2106
2107
2108
2109
2110
2111
2112
2113
2114
2115
2116
2117
2118
2119
2120
2121
2122
2123
2124
2125
2126
2127
2128
2129
2130
2131
2132
2133
2134
2135
2136
2137
2138
2139
2140
2141
2142
2143
2144
2145
2146
2147
2148
2149
2150
2151
2152
2153
2154
2155
2156
2157
2158
2159
2160
2161
2162
2163
2164
2165
2166
JKF-4228-2-0
JKF-4229-1-0
JKF-4230-2-0
JKF-4231-1-0
JKF-4232-2-0
JKF-4233-1-0
JKF-4234-2-0
JKF-4235-1-0
JKF-4236-2-0
JKF-4237-1-0
JKF-4228-2-0
JKF-4229-1-0
JKF-4230-2-0
JKF-4231-1-0
JKF-4232-2-0
JKF-4233-1-0
JKF-4234-2-0
JKF-4235-1-0
JKF-4236-2-0
JKF-4237-1-0
JKF-4228-2-0
JKF-4229-1-0
JKF-4230-2-0
JKF-4231-1-0
JKF-4232-2-0
JKF-4233-1-0
JKF-4234-2-0
JKF-4235-1-0
JKF-4236-2-0
JKF-4237-1-0
JKF-4228-2-0
JKF-4229-1-0
JKF-4230-2-0
JKF-4231-1-0
JKF-4232-2-0
JKF-4233-1-0
JKF-4234-2-0
JKF-4235-1-0
JKF-4236-2-0
JKF-4237-1-0
JKF-4228-2-0
JKF-4229-1-0
JKF-4230-2-0
JKF-4231-1-0
JKF-4232-2-0
JKF-4233-1-0
JKF-4234-2-0
JKF-4235-1-0
JKF-4236-2-0
JKF-4237-1-0
JKF-4228-2-0
JKF-4229-1-0
JKF-4230-2-0
JKF-4231-1-0
JKF-4232-2-0
JKF-4233-1-0
JKF-4234-2-0
JKF-4235-1-0
JKF-4236-2-0
JKF-4237-1-0
JKF-4228-2-0
JKF-4229-1-0
JKF-4230-2-0
JKF-4231-1-0
JKF-4232-2-0
JKF-4233-1-0
JKF-4234-2-0
JKF-4235-1-0
JKF-4236-2-0
JKF-4237-1-0
JKF-4228-2-0
JKF-4229-1-0
JKF-4230-2-0
JKF-4231-1-0
JKF-4232-2-0
JKF-4233-1-0
JKF-4234-2-0
JKF-4235-1-0
JKF-4236-2-0
JKF-4237-1-0
JKF-4228-2-0
JKF-4229-1-0
JKF-4230-2-0
JKF-4231-1-0
JKF-4232-2-0
JKF-4233-1-0
JKF-4234-2-0
JKF-4235-1-0
JKF-4236-2-0
JKF-4237-1-0
JKF-4228-2-0
JKF-4229-1-0
JKF-4230-2-0
JKF-4231-1-0
JKF-4232-2-0
JKF-4233-1-0
JKF-4234-2-0
JKF-4235-1-0
JKF-4236-2-0
JKF-4237-1-0
JKF-4228-2-0
JKF-4229-1-0
JKF-4230-2-0
JKF-4231-1-0
JKF-4232-2-0
JKF-4233-1-0
JKF-4234-2-0
JKF-4235-1-0
JKF-4236-2-0
JKF-4237-1-0
JKF-4228-2-0
JKF-4229-1-0
JKF-4230-2-0
JKF-4231-1-0
JKF-4232-2-0
JKF-4233-1-0
JKF-4234-2-0
JKF-4235-1-0
JKF-4236-2-0
JKF-4237-1-0
JKF-4228-2-0
JKF-4229-1-0
JKF-4230-2-0
JKF-4231-1-0
JKF-4232-2-0
JKF-4233-1-0
JKF-4234-2-0
JKF-4235-1-0
JKF-4236-2-0
JKF-4237-1-0
JKF-4228-2-0
JKF-4229-1-0
JKF-4230-2-0
JKF-4231-1-0
JKF-4232-2-0
JKF-4233-1-0
JKF-4234-2-0
JKF-4235-1-0
JKF-4236-2-0
JKF-4237-1-0
JKF-4228-2-0
JKF-4229-1-0
JKF-4230-2-0
JKF-4231-1-0
JKF-4232-2-0
JKF-4233-1-0
JKF-4234-2-0
JKF-4235-1-0
JKF-4236-2-0
JKF-4237-1-0
JKF-4228-2-0
JKF-4229-1-0
JKF-4230-2-0
JKF-4231-1-0
JKF-4232-2-0
JKF-4233-1-0
JKF-4234-2-0
JKF-4235-1-0
JKF-4236-2-0
JKF-4237-1-0
JKF-4228-2-0
JKF-4229-1-0
JKF-4230-2-0
JKF-4231-1-0
JKF-4232-2-0
JKF-4233-1-0
JKF-4234-2-0
JKF-4235-1-0
JKF-4236-2-0
JKF-4237-1-0
JKF-4228-2-0
JKF-4229-1-0
JKF-4230-2-0
JKF-4231-1-0
JKF-4232-2-0
JKF-4233-1-0
JKF-4234-2-0
JKF-4235-1-0
JKF-4236-2-0
JKF-4237-1-0
JKF-4228-2-0
JKF-4229-1-0
JKF-4230-2-0
JKF-4231-1-0
JKF-4232-2-0
JKF-4233-1-0
JKF-4234-2-0
JKF-4235-1-0
JKF-4236-2-0
JKF-4237-1-0
JKF-4228-2-0
JKF-4229-1-0
JKF-4230-2-0
JKF-4231-1-0
JKF-4232-2-0
JKF-4233-1-0
JKF-4234-2-0
JKF-4235-1-0
JKF-4236-2-0
JKF-4237-1-0
ABDUL RASHID
GHULAM RASOOL
GHULAM NABI
FAROZ AHMAD
MOHAMMAD MAQBOOL
BASHIR AHMAD
ABDUL HAMEED
MOHD SHAFI
MOHD SULTAN
MOHD YOUSUF
ABDUL SALAM
NAZIR AHMAD
GH MOHD
MOHD IQBAL
ABDUL AHAD
ABDUL RASHID
GHULAM RASOOL
GHULAM NABI
FAROZ AHMAD
MOHAMMAD MAQBOOL
BASHIR AHMAD
ABDUL HAMEED
MOHD SHAFI
MOHD SULTAN
MOHD YOUSUF
ABDUL SALAM
NAZIR AHMAD
GH MOHD
MOHD IQBAL
ABDUL AHAD
ABDUL RASHID
GHULAM RASOOL
GHULAM NABI
FAROZ AHMAD
MOHAMMAD MAQBOOL
BASHIR AHMAD
ABDUL HAMEED
MOHD SHAFI
MOHD SULTAN
MOHD YOUSUF
ABDUL SALAM
NAZIR AHMAD
GH MOHD
MOHD IQBAL
ABDUL AHAD
ABDUL RASHID
GHULAM RASOOL
GHULAM NABI
FAROZ AHMAD
MOHAMMAD MAQBOOL
BASHIR AHMAD
ABDUL HAMEED
MOHD SHAFI
MOHD SULTAN
MOHD YOUSUF
ABDUL SALAM
NAZIR AHMAD
GH MOHD
MOHD IQBAL
ABDUL AHAD
ABDUL RASHID
GHULAM RASOOL
GHULAM NABI
FAROZ AHMAD
MOHAMMAD MAQBOOL
BASHIR AHMAD
ABDUL HAMEED
MOHD SHAFI
MOHD SULTAN
MOHD YOUSUF
ABDUL SALAM
NAZIR AHMAD
GH MOHD
MOHD IQBAL
ABDUL AHAD
ABDUL RASHID
GHULAM RASOOL
GHULAM NABI
FAROZ AHMAD
MOHAMMAD MAQBOOL
BASHIR AHMAD
ABDUL HAMEED
MOHD SHAFI
MOHD SULTAN
MOHD YOUSUF
ABDUL SALAM
NAZIR AHMAD
GH MOHD
MOHD IQBAL
ABDUL AHAD
ABDUL RASHID
GHULAM RASOOL
GHULAM NABI
FAROZ AHMAD
MOHAMMAD MAQBOOL
BASHIR AHMAD
ABDUL HAMEED
MOHD SHAFI
MOHD SULTAN
MOHD YOUSUF
ABDUL SALAM
NAZIR AHMAD
GH MOHD
MOHD IQBAL
ABDUL AHAD
ABDUL RASHID
GHULAM RASOOL
GHULAM NABI
FAROZ AHMAD
MOHAMMAD MAQBOOL
BASHIR AHMAD
ABDUL HAMEED
MOHD SHAFI
MOHD SULTAN
MOHD YOUSUF
ABDUL SALAM
NAZIR AHMAD
GH MOHD
MOHD IQBAL
ABDUL AHAD
ABDUL RASHID
GHULAM RASOOL
GHULAM NABI
FAROZ AHMAD
MOHAMMAD MAQBOOL
BASHIR AHMAD
ABDUL HAMEED
MOHD SHAFI
MOHD SULTAN
MOHD YOUSUF
ABDUL SALAM
NAZIR AHMAD
GH MOHD
MOHD IQBAL
ABDUL AHAD
ABDUL RASHID
GHULAM RASOOL
GHULAM NABI
FAROZ AHMAD
MOHAMMAD MAQBOOL
BASHIR AHMAD
ABDUL HAMEED
MOHD SHAFI
MOHD SULTAN
MOHD YOUSUF
ABDUL SALAM
NAZIR AHMAD
GH MOHD
MOHD IQBAL
ABDUL AHAD
ABDUL RASHID
GHULAM RASOOL
GHULAM NABI
FAROZ AHMAD
MOHAMMAD MAQBOOL
BASHIR AHMAD
ABDUL HAMEED
MOHD SHAFI
MOHD SULTAN
MOHD YOUSUF
ABDUL SALAM
NAZIR AHMAD
GH MOHD
MOHD IQBAL
ABDUL AHAD
ABDUL RASHID
GHULAM RASOOL
GHULAM NABI
FAROZ AHMAD
MOHAMMAD MAQBOOL
BASHIR AHMAD
ABDUL HAMEED
MOHD SHAFI
MOHD SULTAN
MOHD YOUSUF
ABDUL SALAM
NAZIR AHMAD
GH MOHD
MOHD IQBAL
ABDUL AHAD
ABDUL RASHID
GHULAM RASOOL
GHULAM NABI
FAROZ AHMAD
MOHAMMAD MAQBOOL
BASHIR AHMAD
ABDUL HAMEED
MOHD SHAFI
MOHD SULTAN
MOHD YOUSUF
ABDUL SALAM
NAZIR AHMAD
GH MOHD
MOHD IQBAL
ABDUL AHAD
ABDUL RASHID
GHULAM RASOOL
GHULAM NABI
FAROZ AHMAD
MOHAMMAD MAQBOOL
2167
2168
2169
2170
2171
2172
2173
2174
2175
2176
2177
2178
2179
2180
2181
2182
2183
2184
2185
2186
2187
2188
2189
2190
2191
2192
2193
2194
2195
2196
2197
2198
2199
2200
2201
2202
2203
2204
2205
2206
2207
2208
2209
2210
2211
2212
2213
2214
2215
2216
2217
2218
2219
2220
2221
2222
2223
2224
2225
2226
2227
2228
2229
2230
2231
2232
2233
2234
2235
2236
2237
2238
2239
2240
2241
2242
2243
2244
2245
2246
2247
2248
2249
2250
2251
2252
2253
2254
2255
2256
2257
2258
2259
2260
2261
2262
2263
2264
2265
2266
2267
2268
2269
2270
2271
2272
2273
2274
2275
2276
2277
2278
2279
2280
2281
2282
2283
2284
2285
2286
2287
2288
2289
2290
2291
2292
2293
2294
2295
2296
2297
2298
2299
2300
2301
2302
2303
2304
2305
2306
2307
2308
2309
2310
2311
2312
2313
2314
2315
2316
2317
2318
2319
2320
2321
2322
2323
2324
2325
2326
2327
2328
2329
2330
2331
2332
2333
2334
2335
2336
2337
2338
2339
2340
2341
2342
2343
2344
2345
2346
2347
2348
2349
2350
2351
2352
2353
2354
2355
2356
2357
2358
2359
2360
2361
2362
2363
2364
2365
2366
JKF-4592-2-0
JKF-4593-1-0
JKF-4594-2-0
JKF-4595-1-0
JKF-4596-2-0
JKF-4597-1-0
JKF-4598-2-0
JKF-4599-1-0
JKF-4600-2-0
JKF-4601-1-0
JKF-4592-2-0
JKF-4593-1-0
JKF-4594-2-0
JKF-4595-1-0
JKF-4596-2-0
JKF-4597-1-0
JKF-4598-2-0
JKF-4599-1-0
JKF-4600-2-0
JKF-4601-1-0
JKF-4592-2-0
JKF-4593-1-0
JKF-4594-2-0
JKF-4595-1-0
JKF-4596-2-0
JKF-4597-1-0
JKF-4598-2-0
JKF-4599-1-0
JKF-4600-2-0
JKF-4601-1-0
JKF-4592-2-0
JKF-4593-1-0
JKF-4594-2-0
JKF-4595-1-0
JKF-4596-2-0
JKF-4597-1-0
JKF-4598-2-0
JKF-4599-1-0
JKF-4600-2-0
JKF-4601-1-0
JKF-4592-2-0
JKF-4593-1-0
JKF-4594-2-0
JKF-4595-1-0
JKF-4596-2-0
JKF-4597-1-0
JKF-4598-2-0
JKF-4599-1-0
JKF-4600-2-0
JKF-4601-1-0
JKF-4592-2-0
JKF-4593-1-0
JKF-4594-2-0
JKF-4595-1-0
JKF-4596-2-0
JKF-4597-1-0
JKF-4598-2-0
JKF-4599-1-0
JKF-4600-2-0
JKF-4601-1-0
JKF-4592-2-0
JKF-4593-1-0
JKF-4594-2-0
JKF-4595-1-0
JKF-4596-2-0
JKF-4597-1-0
JKF-4598-2-0
JKF-4599-1-0
JKF-4600-2-0
JKF-4601-1-0
JKF-4592-2-0
JKF-4593-1-0
JKF-4594-2-0
JKF-4595-1-0
JKF-4596-2-0
JKF-4597-1-0
JKF-4598-2-0
JKF-4599-1-0
JKF-4600-2-0
JKF-4601-1-0
JKF-4592-2-0
JKF-4593-1-0
JKF-4594-2-0
JKF-4595-1-0
JKF-4596-2-0
JKF-4597-1-0
JKF-4598-2-0
JKF-4599-1-0
JKF-4600-2-0
JKF-4601-1-0
JKF-4592-2-0
JKF-4593-1-0
JKF-4594-2-0
JKF-4595-1-0
JKF-4596-2-0
JKF-4597-1-0
JKF-4598-2-0
JKF-4599-1-0
JKF-4600-2-0
JKF-4601-1-0
JKF-4592-2-0
JKF-4593-1-0
JKF-4594-2-0
JKF-4595-1-0
JKF-4596-2-0
JKF-4597-1-0
JKF-4598-2-0
JKF-4599-1-0
JKF-4600-2-0
JKF-4601-1-0
JKF-4592-2-0
JKF-4593-1-0
JKF-4594-2-0
JKF-4595-1-0
JKF-4596-2-0
JKF-4597-1-0
JKF-4598-2-0
JKF-4599-1-0
JKF-4600-2-0
JKF-4601-1-0
JKF-4592-2-0
JKF-4593-1-0
JKF-4594-2-0
JKF-4595-1-0
JKF-4596-2-0
JKF-4597-1-0
JKF-4598-2-0
JKF-4599-1-0
JKF-4600-2-0
JKF-4601-1-0
JKF-4592-2-0
JKF-4593-1-0
JKF-4594-2-0
JKF-4595-1-0
JKF-4596-2-0
JKF-4597-1-0
JKF-4598-2-0
JKF-4599-1-0
JKF-4600-2-0
JKF-4601-1-0
JKF-4592-2-0
JKF-4593-1-0
JKF-4594-2-0
JKF-4595-1-0
JKF-4596-2-0
JKF-4597-1-0
JKF-4598-2-0
JKF-4599-1-0
JKF-4600-2-0
JKF-4601-1-0
JKF-4592-2-0
JKF-4593-1-0
JKF-4594-2-0
JKF-4595-1-0
JKF-4596-2-0
JKF-4597-1-0
JKF-4598-2-0
JKF-4599-1-0
JKF-4600-2-0
JKF-4601-1-0
JKF-4592-2-0
JKF-4593-1-0
JKF-4594-2-0
JKF-4595-1-0
JKF-4596-2-0
JKF-4597-1-0
JKF-4598-2-0
JKF-4599-1-0
JKF-4600-2-0
JKF-4601-1-0
JKF-4592-2-0
JKF-4593-1-0
JKF-4594-2-0
JKF-4595-1-0
JKF-4596-2-0
JKF-4597-1-0
JKF-4598-2-0
JKF-4599-1-0
JKF-4600-2-0
JKF-4601-1-0
JKF-4592-2-0
JKF-4593-1-0
JKF-4594-2-0
JKF-4595-1-0
JKF-4596-2-0
JKF-4597-1-0
JKF-4598-2-0
JKF-4599-1-0
JKF-4600-2-0
JKF-4601-1-0
JKF-4592-2-0
JKF-4593-1-0
JKF-4594-2-0
JKF-4595-1-0
JKF-4596-2-0
JKF-4597-1-0
JKF-4598-2-0
JKF-4599-1-0
JKF-4600-2-0
JKF-4601-1-0
GHULAM HASSAN BHAT
NAZIR ULLAH
NAZIR AHMAD
SYED MUSTAFA
MOHAMMAD RAMZAN
ABDUL RAHIM
MOHAMAD MAQBOOL
ALI MOHD KHAN
ABDUL GANI
MOHAMAD SHAFI
AB RASHID
GHULAM MOHIUDDIN
GHULAM MOHAMMAD
ZAHOOR AHMAD
GOWHER RASHID
GHULAM HASSAN BHAT
NAZIR ULLAH
NAZIR AHMAD
SYED MUSTAFA
MOHAMMAD RAMZAN
ABDUL RAHIM
MOHAMAD MAQBOOL
ALI MOHD KHAN
ABDUL GANI
MOHAMAD SHAFI
AB RASHID
GHULAM MOHIUDDIN
GHULAM MOHAMMAD
ZAHOOR AHMAD
GOWHER RASHID
GHULAM HASSAN BHAT
NAZIR ULLAH
NAZIR AHMAD
SYED MUSTAFA
MOHAMMAD RAMZAN
ABDUL RAHIM
MOHAMAD MAQBOOL
ALI MOHD KHAN
ABDUL GANI
MOHAMAD SHAFI
AB RASHID
GHULAM MOHIUDDIN
GHULAM MOHAMMAD
ZAHOOR AHMAD
GOWHER RASHID
GHULAM HASSAN BHAT
NAZIR ULLAH
NAZIR AHMAD
SYED MUSTAFA
MOHAMMAD RAMZAN
ABDUL RAHIM
MOHAMAD MAQBOOL
ALI MOHD KHAN
ABDUL GANI
MOHAMAD SHAFI
AB RASHID
GHULAM MOHIUDDIN
GHULAM MOHAMMAD
ZAHOOR AHMAD
GOWHER RASHID
GHULAM HASSAN BHAT
NAZIR ULLAH
NAZIR AHMAD
SYED MUSTAFA
MOHAMMAD RAMZAN
ABDUL RAHIM
MOHAMAD MAQBOOL
ALI MOHD KHAN
ABDUL GANI
MOHAMAD SHAFI
AB RASHID
GHULAM MOHIUDDIN
GHULAM MOHAMMAD
ZAHOOR AHMAD
GOWHER RASHID
GHULAM HASSAN BHAT
NAZIR ULLAH
NAZIR AHMAD
SYED MUSTAFA
MOHAMMAD RAMZAN
ABDUL RAHIM
MOHAMAD MAQBOOL
ALI MOHD KHAN
ABDUL GANI
MOHAMAD SHAFI
AB RASHID
GHULAM MOHIUDDIN
GHULAM MOHAMMAD
ZAHOOR AHMAD
GOWHER RASHID
GHULAM HASSAN BHAT
NAZIR ULLAH
NAZIR AHMAD
SYED MUSTAFA
MOHAMMAD RAMZAN
ABDUL RAHIM
MOHAMAD MAQBOOL
ALI MOHD KHAN
ABDUL GANI
MOHAMAD SHAFI
AB RASHID
GHULAM MOHIUDDIN
GHULAM MOHAMMAD
ZAHOOR AHMAD
GOWHER RASHID
GHULAM HASSAN BHAT
NAZIR ULLAH
NAZIR AHMAD
SYED MUSTAFA
MOHAMMAD RAMZAN
ABDUL RAHIM
MOHAMAD MAQBOOL
ALI MOHD KHAN
ABDUL GANI
MOHAMAD SHAFI
AB RASHID
GHULAM MOHIUDDIN
GHULAM MOHAMMAD
ZAHOOR AHMAD
GOWHER RASHID
GHULAM HASSAN BHAT
NAZIR ULLAH
NAZIR AHMAD
SYED MUSTAFA
MOHAMMAD RAMZAN
ABDUL RAHIM
MOHAMAD MAQBOOL
ALI MOHD KHAN
ABDUL GANI
MOHAMAD SHAFI
AB RASHID
GHULAM MOHIUDDIN
GHULAM MOHAMMAD
ZAHOOR AHMAD
GOWHER RASHID
GHULAM HASSAN BHAT
NAZIR ULLAH
NAZIR AHMAD
SYED MUSTAFA
MOHAMMAD RAMZAN
ABDUL RAHIM
MOHAMAD MAQBOOL
ALI MOHD KHAN
ABDUL GANI
MOHAMAD SHAFI
AB RASHID
GHULAM MOHIUDDIN
GHULAM MOHAMMAD
ZAHOOR AHMAD
GOWHER RASHID
GHULAM HASSAN BHAT
NAZIR ULLAH
NAZIR AHMAD
SYED MUSTAFA
MOHAMMAD RAMZAN
ABDUL RAHIM
MOHAMAD MAQBOOL
ALI MOHD KHAN
ABDUL GANI
MOHAMAD SHAFI
AB RASHID
GHULAM MOHIUDDIN
GHULAM MOHAMMAD
ZAHOOR AHMAD
GOWHER RASHID
GHULAM HASSAN BHAT
NAZIR ULLAH
NAZIR AHMAD
SYED MUSTAFA
MOHAMMAD RAMZAN
ABDUL RAHIM
MOHAMAD MAQBOOL
ALI MOHD KHAN
ABDUL GANI
MOHAMAD SHAFI
AB RASHID
GHULAM MOHIUDDIN
GHULAM MOHAMMAD
ZAHOOR AHMAD
GOWHER RASHID
GHULAM HASSAN BHAT
NAZIR ULLAH
NAZIR AHMAD
SYED MUSTAFA
MOHAMMAD RAMZAN
ABDUL RAHIM
MOHAMAD MAQBOOL
ALI MOHD KHAN
ABDUL GANI
MOHAMAD SHAFI
AB RASHID
GHULAM MOHIUDDIN
GHULAM MOHAMMAD
ZAHOOR AHMAD
GOWHER RASHID
GHULAM HASSAN BHAT
NAZIR ULLAH
NAZIR AHMAD
SYED MUSTAFA
MOHAMMAD RAMZAN
